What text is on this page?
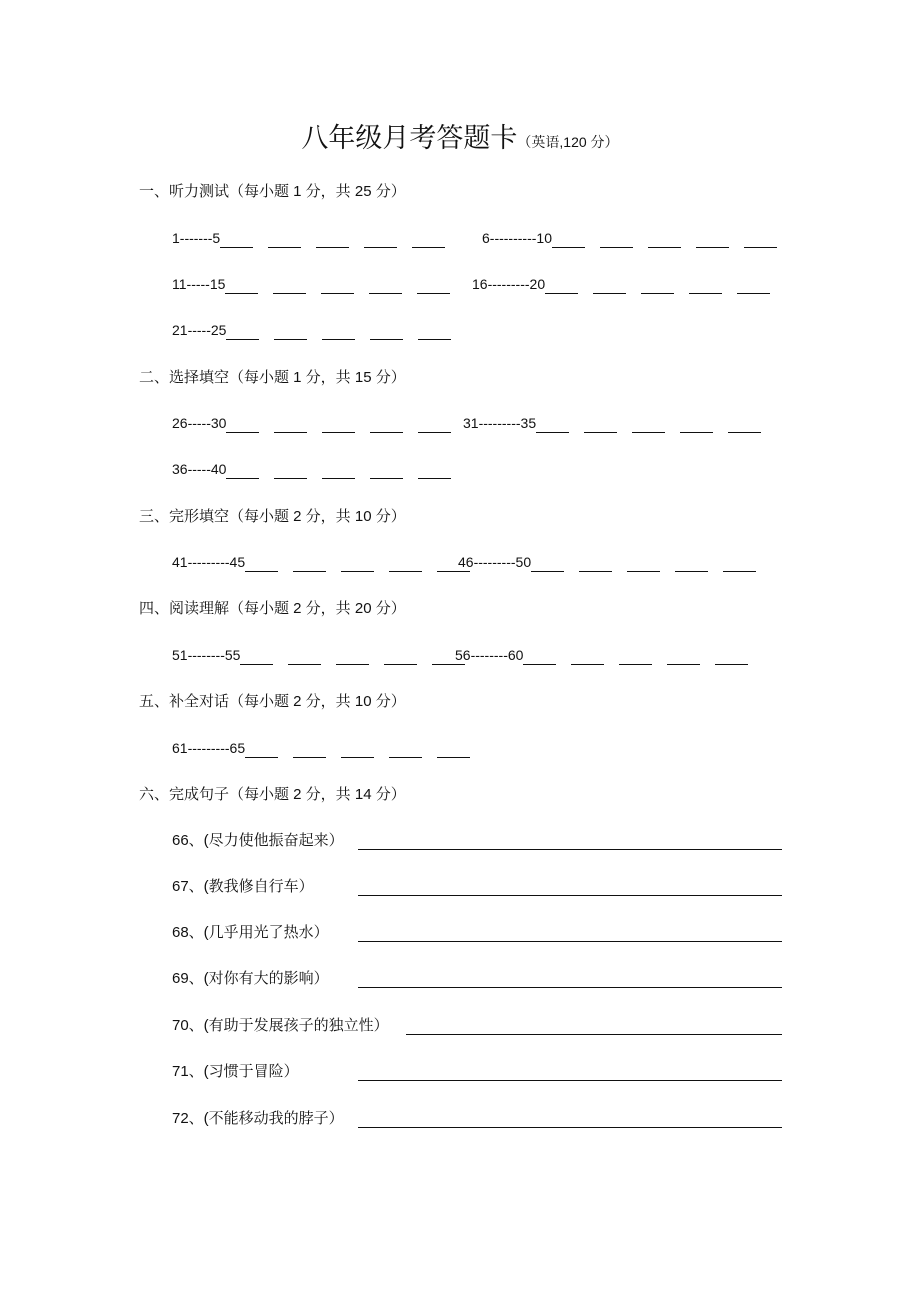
八年级月考答题卡（英语,120 分）
一、听力测试（每小题 1 分，共 25 分）
1-------5	6----------10
11-----15	16---------20
21-----25
二、选择填空（每小题 1 分，共 15 分）
26-----30	31---------35
36-----40
三、完形填空（每小题 2 分，共 10 分）
41---------45	46---------50
四、阅读理解（每小题 2 分，共 20 分）
51--------55	56--------60
五、补全对话（每小题 2 分，共 10 分）
61---------65
六、完成句子（每小题 2 分，共 14 分）
66、(尽力使他振奋起来）
67、(教我修自行车）
68、(几乎用光了热水）
69、(对你有大的影响）
70、(有助于发展孩子的独立性）
71、(习惯于冒险）
72、(不能移动我的脖子）
